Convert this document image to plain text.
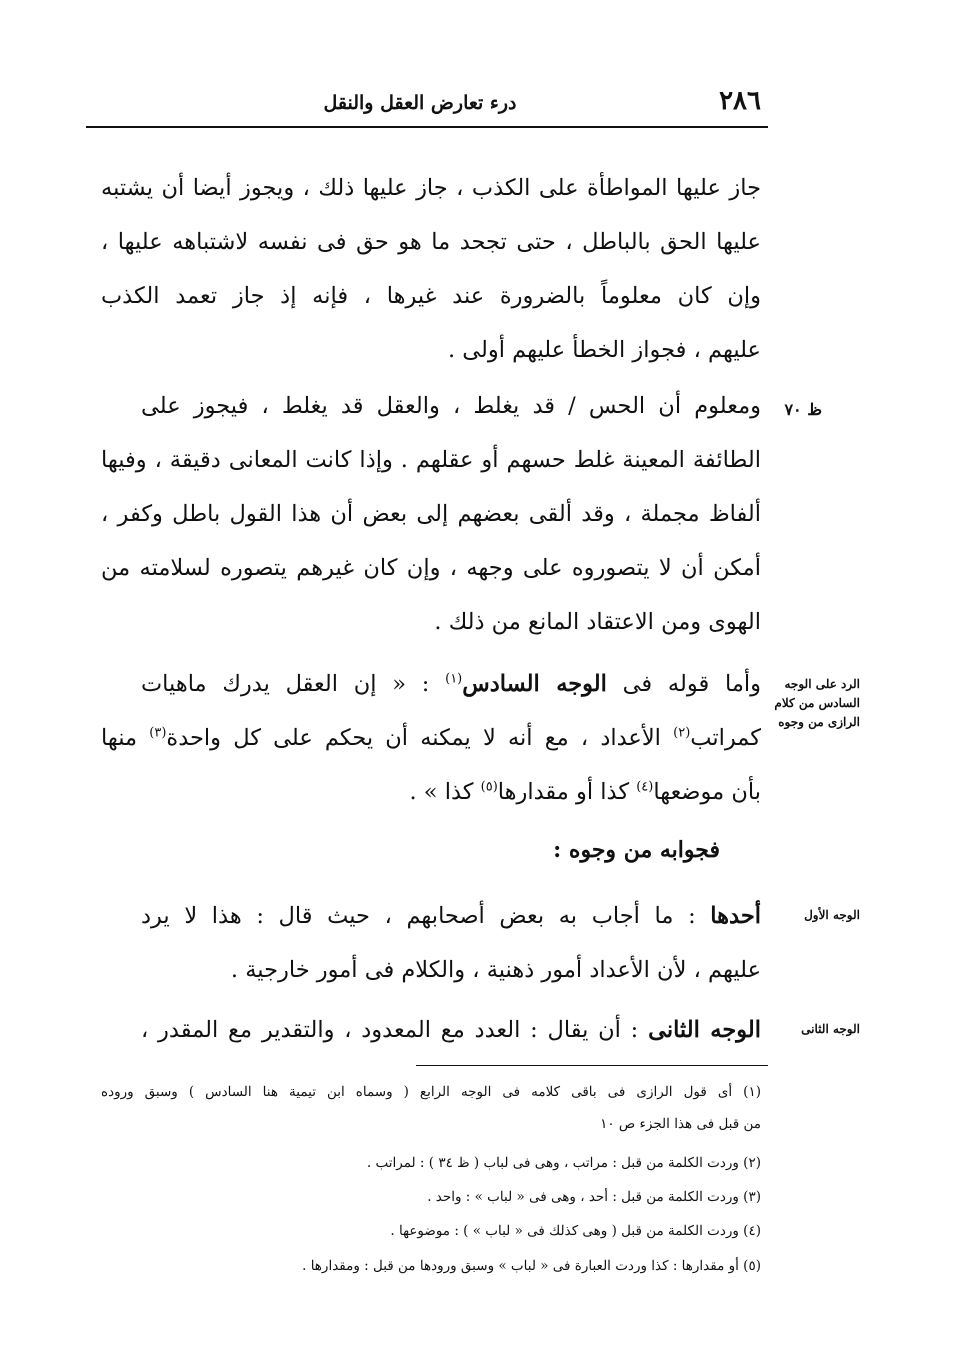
٢٨٦
درء تعارض العقل والنقل
جاز عليها المواطأة على الكذب ، جاز عليها ذلك ، ويجوز أيضا أن يشتبه
عليها الحق بالباطل ، حتى تجحد ما هو حق فى نفسه لاشتباهه عليها ،
وإن كان معلوماً بالضرورة عند غيرها ، فإنه إذ جاز تعمد الكذب
عليهم ، فجواز الخطأ عليهم أولى .
ظ ٧٠
ومعلوم أن الحس / قد يغلط ، والعقل قد يغلط ، فيجوز على
الطائفة المعينة غلط حسهم أو عقلهم . وإذا كانت المعانى دقيقة ، وفيها
ألفاظ مجملة ، وقد ألقى بعضهم إلى بعض أن هذا القول باطل وكفر ،
أمكن أن لا يتصوروه على وجهه ، وإن كان غيرهم يتصوره لسلامته من
الهوى ومن الاعتقاد المانع من ذلك .
الرد على الوجه السادس من كلام الرازى من وجوه
وأما قوله فى الوجه السادس$^{(١)}$ : « إن العقل يدرك ماهيات
كمراتب$^{(٢)}$ الأعداد ، مع أنه لا يمكنه أن يحكم على كل واحدة$^{(٣)}$ منها
بأن موضعها$^{(٤)}$ كذا أو مقدارها$^{(٥)}$ كذا » .
فجوابه من وجوه :
الوجه الأول
أحدها : ما أجاب به بعض أصحابهم ، حيث قال : هذا لا يرد
عليهم ، لأن الأعداد أمور ذهنية ، والكلام فى أمور خارجية .
الوجه الثانى
الوجه الثانى : أن يقال : العدد مع المعدود ، والتقدير مع المقدر ،
(١) أى قول الرازى فى باقى كلامه فى الوجه الرابع ( وسماه ابن تيمية هنا السادس ) وسبق وروده
من قبل فى هذا الجزء ص ١٠
(٢) وردت الكلمة من قبل : مراتب ، وهى فى لباب ( ظ ٣٤ ) : لمراتب .
(٣) وردت الكلمة من قبل : أحد ، وهى فى « لباب » : واحد .
(٤) وردت الكلمة من قبل ( وهى كذلك فى « لباب » ) : موضوعها .
(٥) أو مقدارها : كذا وردت العبارة فى « لباب » وسبق ورودها من قبل : ومقدارها .
